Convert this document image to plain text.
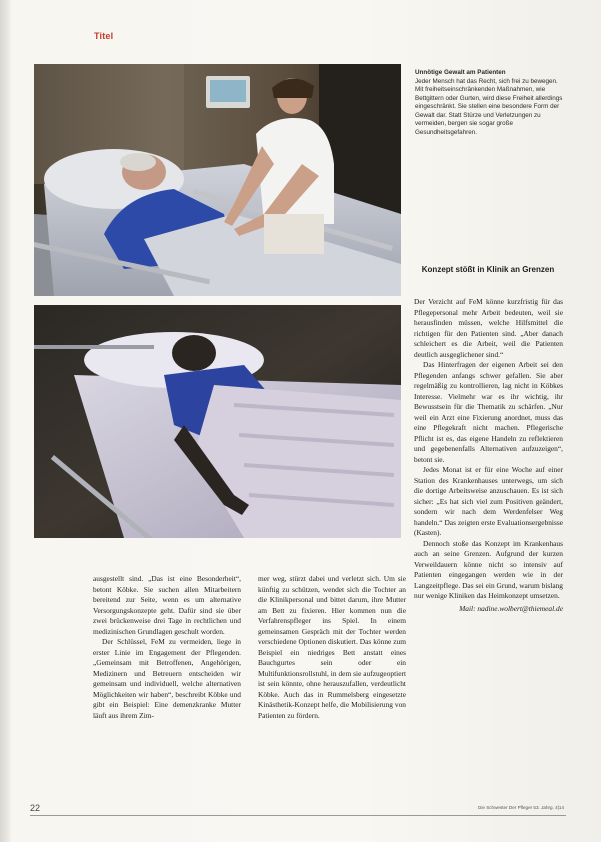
Titel
Unnötige Gewalt am Patienten
Jeder Mensch hat das Recht, sich frei zu bewegen. Mit freiheitseinschränkenden Maßnahmen, wie Bettgittern oder Gurten, wird diese Freiheit allerdings eingeschränkt. Sie stellen eine besondere Form der Gewalt dar. Statt Stürze und Verletzungen zu vermeiden, bergen sie sogar große Gesundheitsgefahren.
Konzept stößt in Klinik an Grenzen

Der Verzicht auf FeM könne kurzfristig für das Pflegepersonal mehr Arbeit bedeuten, weil sie herausfinden müssen, welche Hilfsmittel die richtigen für den Patienten sind. „Aber danach schleichert es die Arbeit, weil die Patienten deutlich ausgeglichener sind.“

Das Hinterfragen der eigenen Arbeit sei den Pflegenden anfangs schwer gefallen. Sie aber regelmäßig zu kontrollieren, lag nicht in Köbkes Interesse. Vielmehr war es ihr wichtig, ihr Bewusstsein für die Thematik zu schärfen. „Nur weil ein Arzt eine Fixierung anordnet, muss das eine Pflegekraft nicht machen. Pflegerische Pflicht ist es, das eigene Handeln zu reflektieren und gegebenenfalls Alternativen aufzuzeigen“, betont sie.

Jedes Monat ist er für eine Woche auf einer Station des Krankenhauses unterwegs, um sich die dortige Arbeitsweise anzuschauen. Es ist sich sicher: „Es hat sich viel zum Positiven geändert, sondern wir nach dem Werdenfelser Weg handeln.“ Das zeigten erste Evaluationsergebnisse (Kasten).

Dennoch stoße das Konzept im Krankenhaus auch an seine Grenzen. Aufgrund der kurzen Verweildauern könne nicht so intensiv auf Patienten eingegangen werden wie in der Langzeitpflege. Das sei ein Grund, warum bislang nur wenige Kliniken das Heimkonzept umsetzen.

Mail: nadine.wolbert@thiemeal.de

ausgestellt sind. „Das ist eine Besonderheit“, betont Köbke. Sie suchen allen Mitarbeitern bereitend zur Seite, wenn es um alternative Versorgungskonzepte geht. Dafür sind sie über zwei brückenweise drei Tage in rechtlichen und medizinischen Grundlagen geschult worden.

Der Schlüssel, FeM zu vermeiden, liege in erster Linie im Engagement der Pflegenden. „Gemeinsam mit Betroffenen, Angehörigen, Medizinern und Betreuern entscheiden wir gemeinsam und individuell, welche alternativen Möglichkeiten wir haben“, beschreibt Köbke und gibt ein Beispiel: Eine demenzkranke Mutter läuft aus ihrem Zim-

mer weg, stürzt dabei und verletzt sich. Um sie künftig zu schützen, wendet sich die Tochter an die Klinikpersonal und bittet darum, ihre Mutter am Bett zu fixieren. Hier kommen nun die Verfahrenspfleger ins Spiel. In einem gemeinsamen Gespräch mit der Tochter werden verschiedene Optionen diskutiert. Das könne zum Beispiel ein niedriges Bett anstatt eines Bauchgurtes sein oder ein Multifunktionsrollstuhl, in dem sie aufzugeoptiert ist sein könnte, ohne herauszufallen, verdeutlicht Köbke. Auch das in Rummelsberg eingesetzte Kinästhetik-Konzept helfe, die Mobilisierung von Patienten zu fördern.

22	Die Schwester Der Pfleger 53. Jahrg. 4|14
